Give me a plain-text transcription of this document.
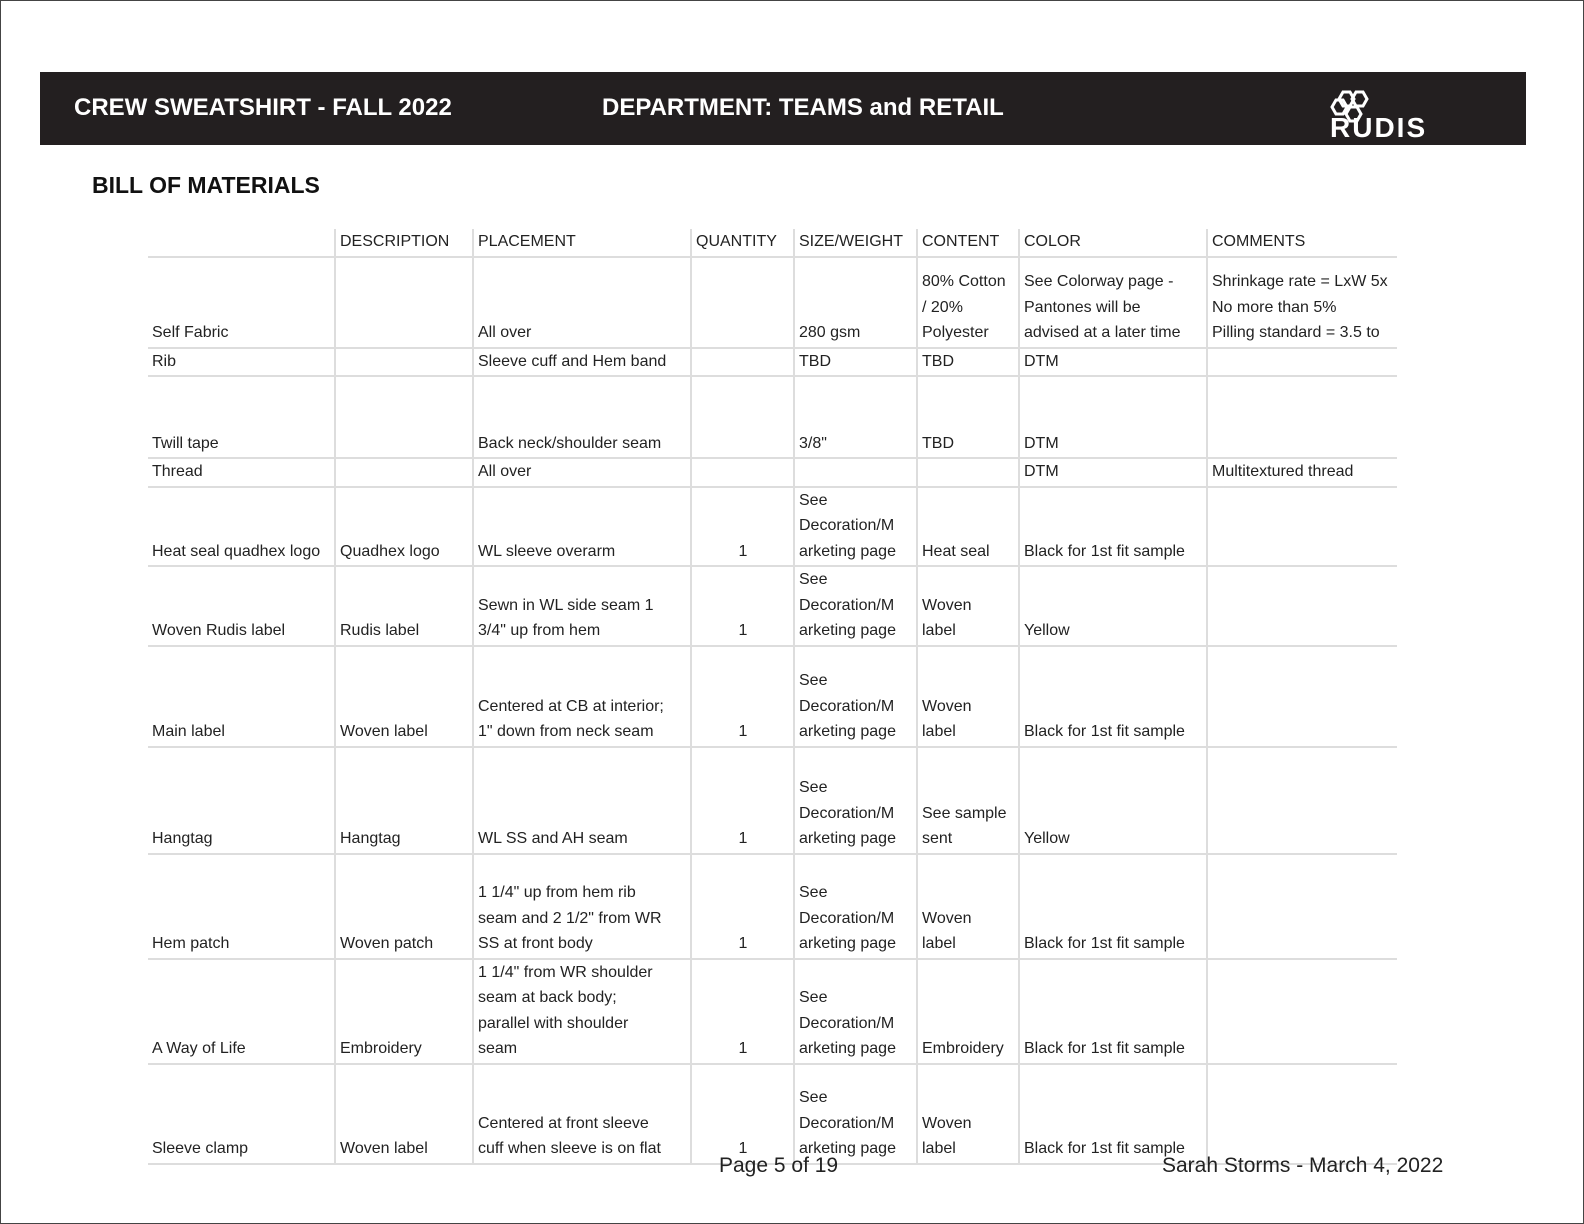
CREW SWEATSHIRT - FALL 2022	DEPARTMENT: TEAMS and RETAIL
RUDIS
BILL OF MATERIALS
	DESCRIPTION	PLACEMENT	QUANTITY	SIZE/WEIGHT	CONTENT	COLOR	COMMENTS
Self Fabric		All over		280 gsm	80% Cotton
/ 20%
Polyester	See Colorway page -
Pantones will be
advised at a later time	Shrinkage rate = LxW 5x
No more than 5%
Pilling standard = 3.5 to
Rib		Sleeve cuff and Hem band		TBD	TBD	DTM	
Twill tape		Back neck/shoulder seam		3/8"	TBD	DTM	
Thread		All over				DTM	Multitextured thread
Heat seal quadhex logo	Quadhex logo	WL sleeve overarm	1	See
Decoration/M
arketing page	Heat seal	Black for 1st fit sample	
Woven Rudis label	Rudis label	Sewn in WL side seam 1
3/4" up from hem	1	See
Decoration/M
arketing page	Woven
label	Yellow	
Main label	Woven label	Centered at CB at interior;
1" down from neck seam	1	See
Decoration/M
arketing page	Woven
label	Black for 1st fit sample	
Hangtag	Hangtag	WL SS and AH seam	1	See
Decoration/M
arketing page	See sample
sent	Yellow	
Hem patch	Woven patch	1 1/4" up from hem rib
seam and 2 1/2" from WR
SS at front body	1	See
Decoration/M
arketing page	Woven
label	Black for 1st fit sample	
A Way of Life	Embroidery	1 1/4" from WR shoulder
seam at back body;
parallel with shoulder
seam	1	See
Decoration/M
arketing page	Embroidery	Black for 1st fit sample	
Sleeve clamp	Woven label	Centered at front sleeve
cuff when sleeve is on flat	1	See
Decoration/M
arketing page	Woven
label	Black for 1st fit sample	
Page 5 of 19	Sarah Storms - March 4, 2022
